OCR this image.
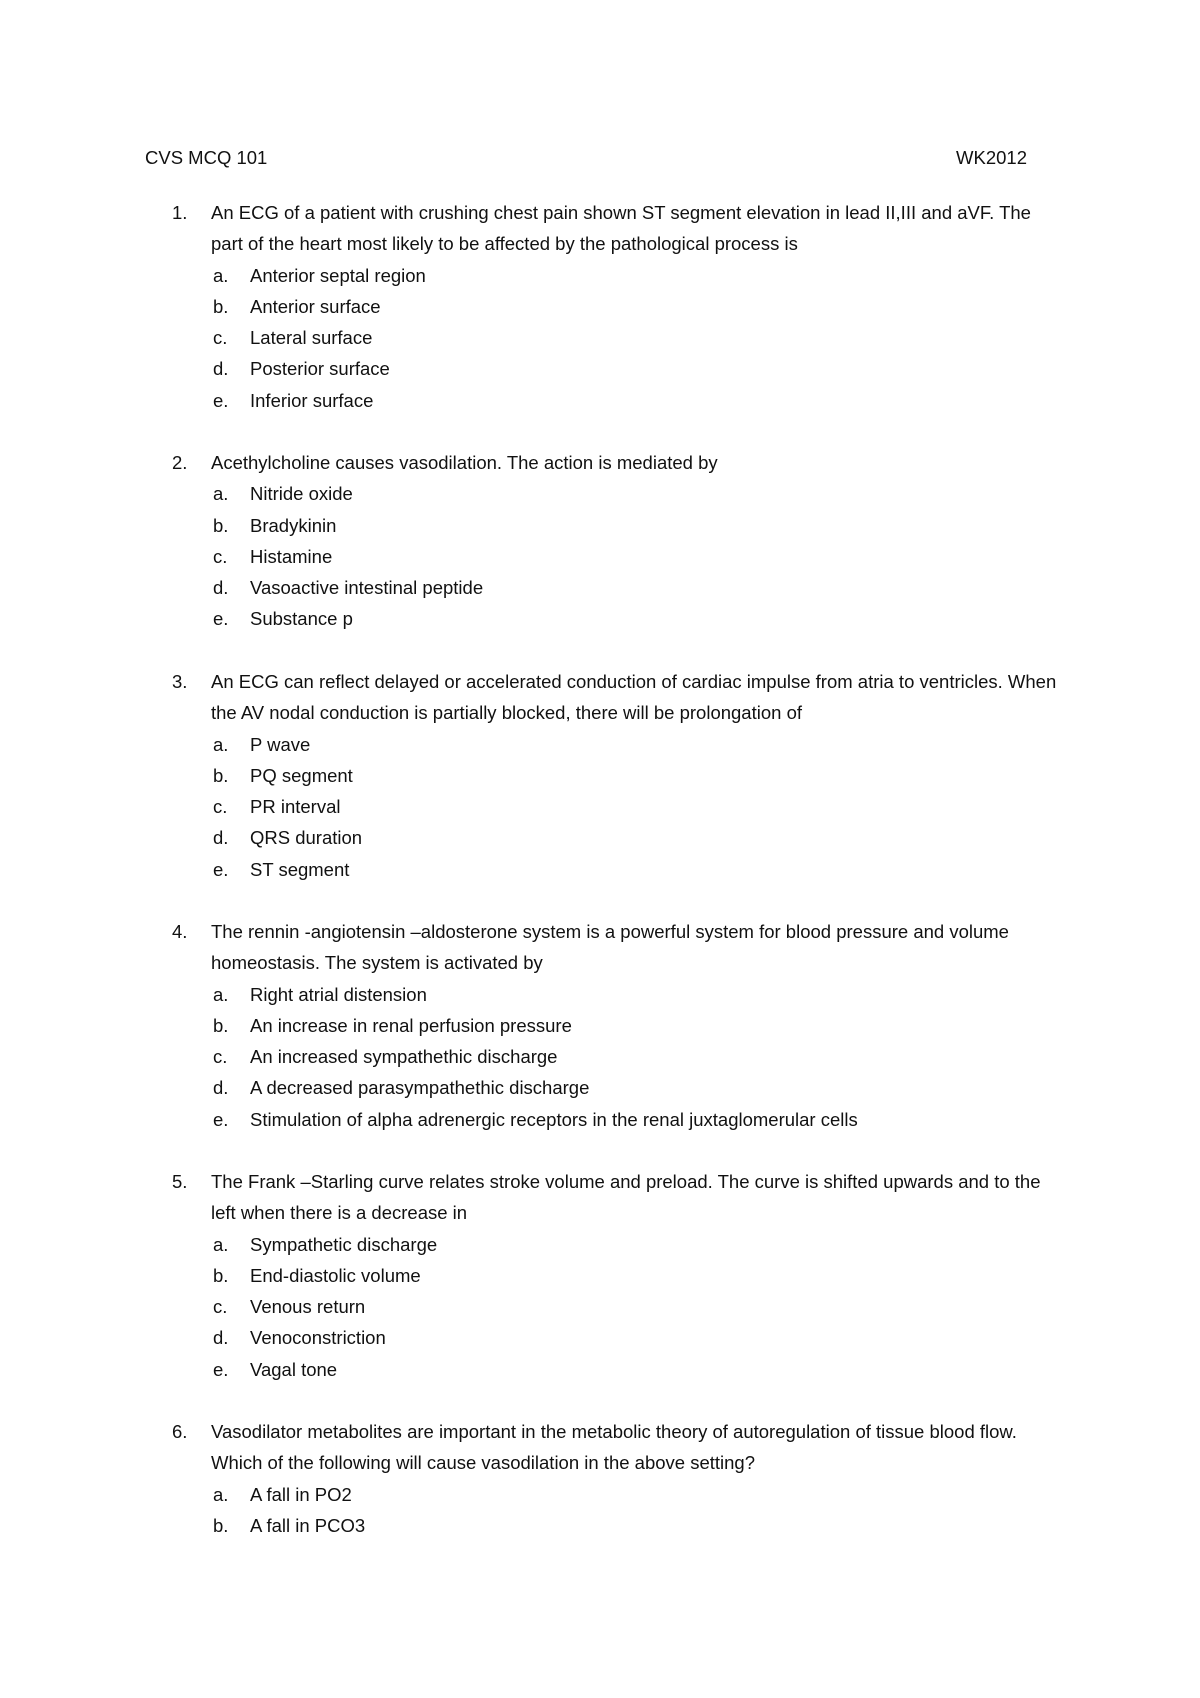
CVS MCQ 101	WK2012
1. An ECG of a patient with crushing chest pain shown ST segment elevation in lead II,III and aVF. The part of the heart most likely to be affected by the pathological process is
a. Anterior septal region
b. Anterior surface
c. Lateral surface
d. Posterior surface
e. Inferior surface
2. Acethylcholine causes vasodilation. The action is mediated by
a. Nitride oxide
b. Bradykinin
c. Histamine
d. Vasoactive intestinal peptide
e. Substance p
3. An ECG can reflect delayed or accelerated conduction of cardiac impulse from atria to ventricles. When the AV nodal conduction is partially blocked, there will be prolongation of
a. P wave
b. PQ segment
c. PR interval
d. QRS duration
e. ST segment
4. The rennin -angiotensin –aldosterone system is a powerful system for blood pressure and volume homeostasis. The system is activated by
a. Right atrial distension
b. An increase in renal perfusion pressure
c. An increased sympathethic discharge
d. A decreased parasympathethic discharge
e. Stimulation of alpha adrenergic receptors in the renal juxtaglomerular cells
5. The Frank –Starling curve relates stroke volume and preload. The curve is shifted upwards and to the left when there is a decrease in
a. Sympathetic discharge
b. End-diastolic volume
c. Venous return
d. Venoconstriction
e. Vagal tone
6. Vasodilator metabolites are important in the metabolic theory of autoregulation of tissue blood flow. Which of the following will cause vasodilation in the above setting?
a. A fall in PO2
b. A fall in PCO3
